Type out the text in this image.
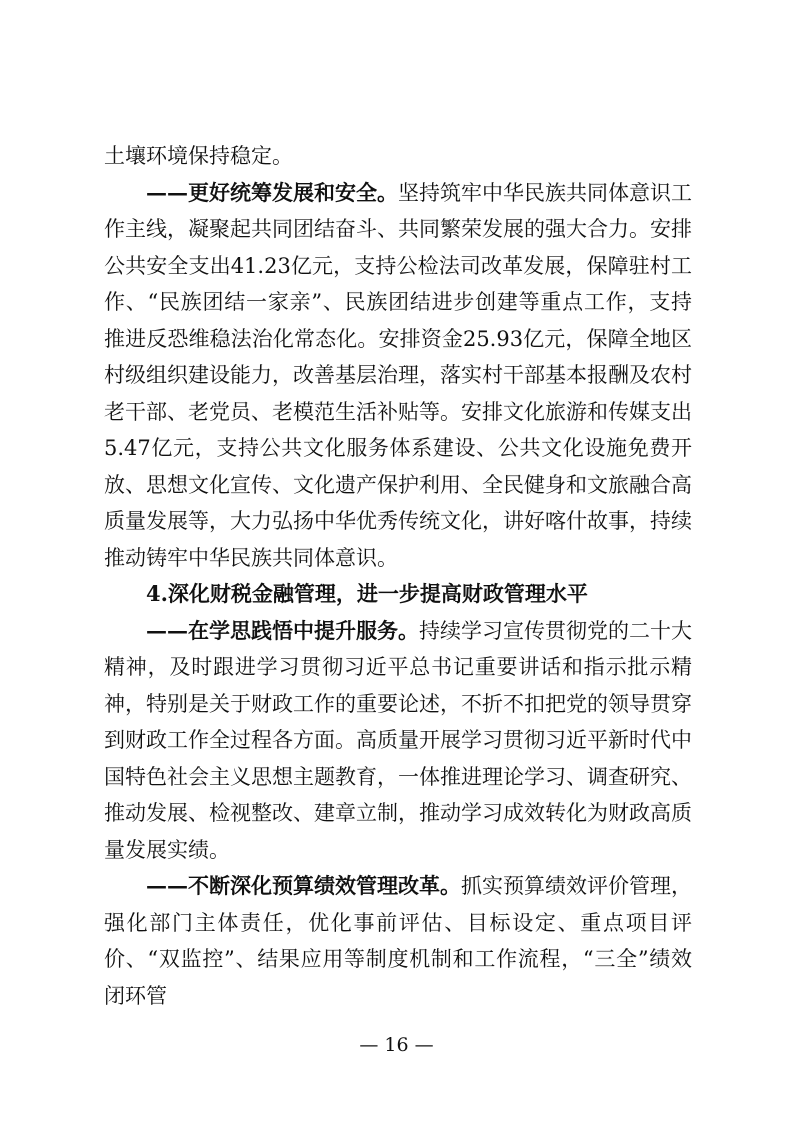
土壤环境保持稳定。

——更好统筹发展和安全。坚持筑牢中华民族共同体意识工作主线，凝聚起共同团结奋斗、共同繁荣发展的强大合力。安排公共安全支出41.23亿元，支持公检法司改革发展，保障驻村工作、“民族团结一家亲”、民族团结进步创建等重点工作，支持推进反恐维稳法治化常态化。安排资金25.93亿元，保障全地区村级组织建设能力，改善基层治理，落实村干部基本报酬及农村老干部、老党员、老模范生活补贴等。安排文化旅游和传媒支出5.47亿元，支持公共文化服务体系建设、公共文化设施免费开放、思想文化宣传、文化遗产保护利用、全民健身和文旅融合高质量发展等，大力弘扬中华优秀传统文化，讲好喀什故事，持续推动铸牢中华民族共同体意识。

4.深化财税金融管理，进一步提高财政管理水平

——在学思践悟中提升服务。持续学习宣传贯彻党的二十大精神，及时跟进学习贯彻习近平总书记重要讲话和指示批示精神，特别是关于财政工作的重要论述，不折不扣把党的领导贯穿到财政工作全过程各方面。高质量开展学习贯彻习近平新时代中国特色社会主义思想主题教育，一体推进理论学习、调查研究、推动发展、检视整改、建章立制，推动学习成效转化为财政高质量发展实绩。

——不断深化预算绩效管理改革。抓实预算绩效评价管理，强化部门主体责任，优化事前评估、目标设定、重点项目评价、“双监控”、结果应用等制度机制和工作流程，“三全”绩效闭环管

— 16 —
